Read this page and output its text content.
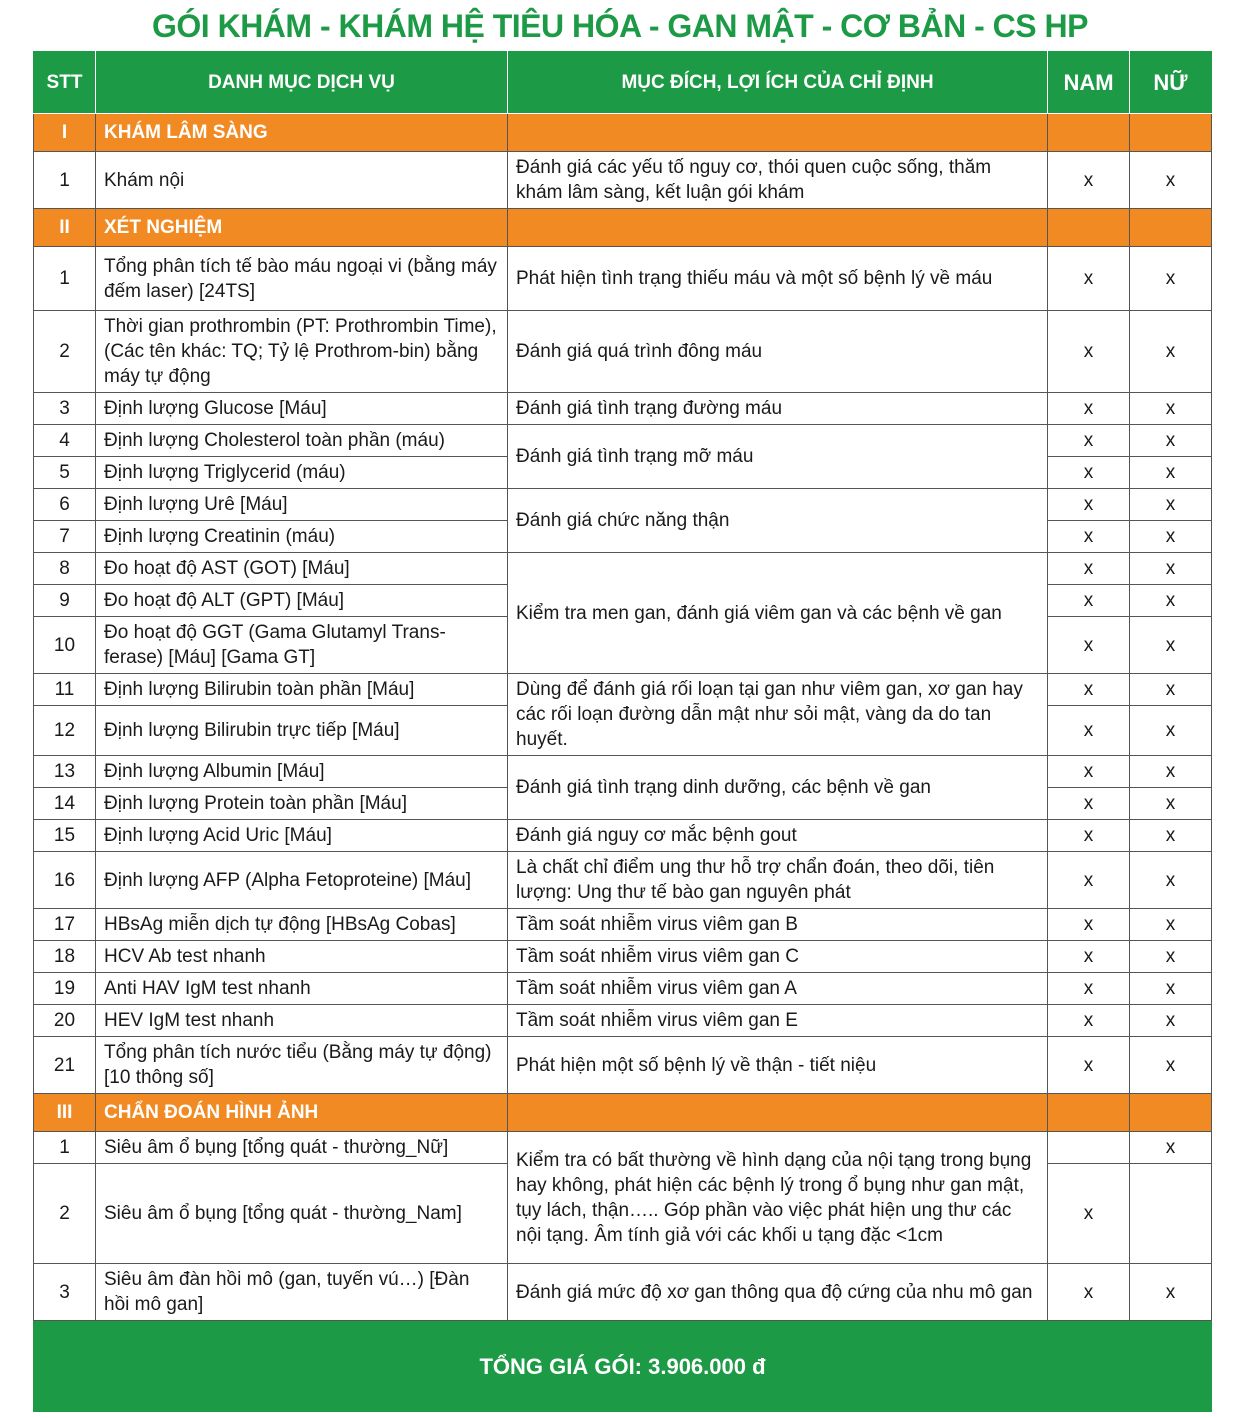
GÓI KHÁM - KHÁM HỆ TIÊU HÓA - GAN MẬT - CƠ BẢN - CS HP
STT	DANH MỤC DỊCH VỤ	MỤC ĐÍCH, LỢI ÍCH CỦA CHỈ ĐỊNH	NAM	NỮ
I	KHÁM LÂM SÀNG			
1	Khám nội	Đánh giá các yếu tố nguy cơ, thói quen cuộc sống, thăm khám lâm sàng, kết luận gói khám	x	x
II	XÉT NGHIỆM			
1	Tổng phân tích tế bào máu ngoại vi (bằng máy đếm laser) [24TS]	Phát hiện tình trạng thiếu máu và một số bệnh lý về máu	x	x
2	Thời gian prothrombin (PT: Prothrombin Time), (Các tên khác: TQ; Tỷ lệ Prothrom-bin) bằng máy tự động	Đánh giá quá trình đông máu	x	x
3	Định lượng Glucose [Máu]	Đánh giá tình trạng đường máu	x	x
4	Định lượng Cholesterol toàn phần (máu)	Đánh giá tình trạng mỡ máu	x	x
5	Định lượng Triglycerid (máu)		x	x
6	Định lượng Urê [Máu]	Đánh giá chức năng thận	x	x
7	Định lượng Creatinin (máu)		x	x
8	Đo hoạt độ AST (GOT) [Máu]	Kiểm tra men gan, đánh giá viêm gan và các bệnh về gan	x	x
9	Đo hoạt độ ALT (GPT) [Máu]		x	x
10	Đo hoạt độ GGT (Gama Glutamyl Trans-ferase) [Máu] [Gama GT]		x	x
11	Định lượng Bilirubin toàn phần [Máu]	Dùng để đánh giá rối loạn tại gan như viêm gan, xơ gan hay các rối loạn đường dẫn mật như sỏi mật, vàng da do tan huyết.	x	x
12	Định lượng Bilirubin trực tiếp [Máu]		x	x
13	Định lượng Albumin [Máu]	Đánh giá tình trạng dinh dưỡng, các bệnh về gan	x	x
14	Định lượng Protein toàn phần [Máu]		x	x
15	Định lượng Acid Uric [Máu]	Đánh giá nguy cơ mắc bệnh gout	x	x
16	Định lượng AFP (Alpha Fetoproteine) [Máu]	Là chất chỉ điểm ung thư hỗ trợ chẩn đoán, theo dõi, tiên lượng: Ung thư tế bào gan nguyên phát	x	x
17	HBsAg miễn dịch tự động [HBsAg Cobas]	Tầm soát nhiễm virus viêm gan B	x	x
18	HCV Ab test nhanh	Tầm soát nhiễm virus viêm gan C	x	x
19	Anti HAV IgM test nhanh	Tầm soát nhiễm virus viêm gan A	x	x
20	HEV IgM test nhanh	Tầm soát nhiễm virus viêm gan E	x	x
21	Tổng phân tích nước tiểu (Bằng máy tự động) [10 thông số]	Phát hiện một số bệnh lý về thận - tiết niệu	x	x
III	CHẨN ĐOÁN HÌNH ẢNH			
1	Siêu âm ổ bụng [tổng quát - thường_Nữ]	Kiểm tra có bất thường về hình dạng của nội tạng trong bụng hay không, phát hiện các bệnh lý trong ổ bụng như gan mật, tụy lách, thận….. Góp phần vào việc phát hiện ung thư các nội tạng. Âm tính giả với các khối u tạng đặc <1cm		x
2	Siêu âm ổ bụng [tổng quát - thường_Nam]		x	
3	Siêu âm đàn hồi mô (gan, tuyến vú…) [Đàn hồi mô gan]	Đánh giá mức độ xơ gan thông qua độ cứng của nhu mô gan	x	x
TỔNG GIÁ GÓI: 3.906.000 đ				
